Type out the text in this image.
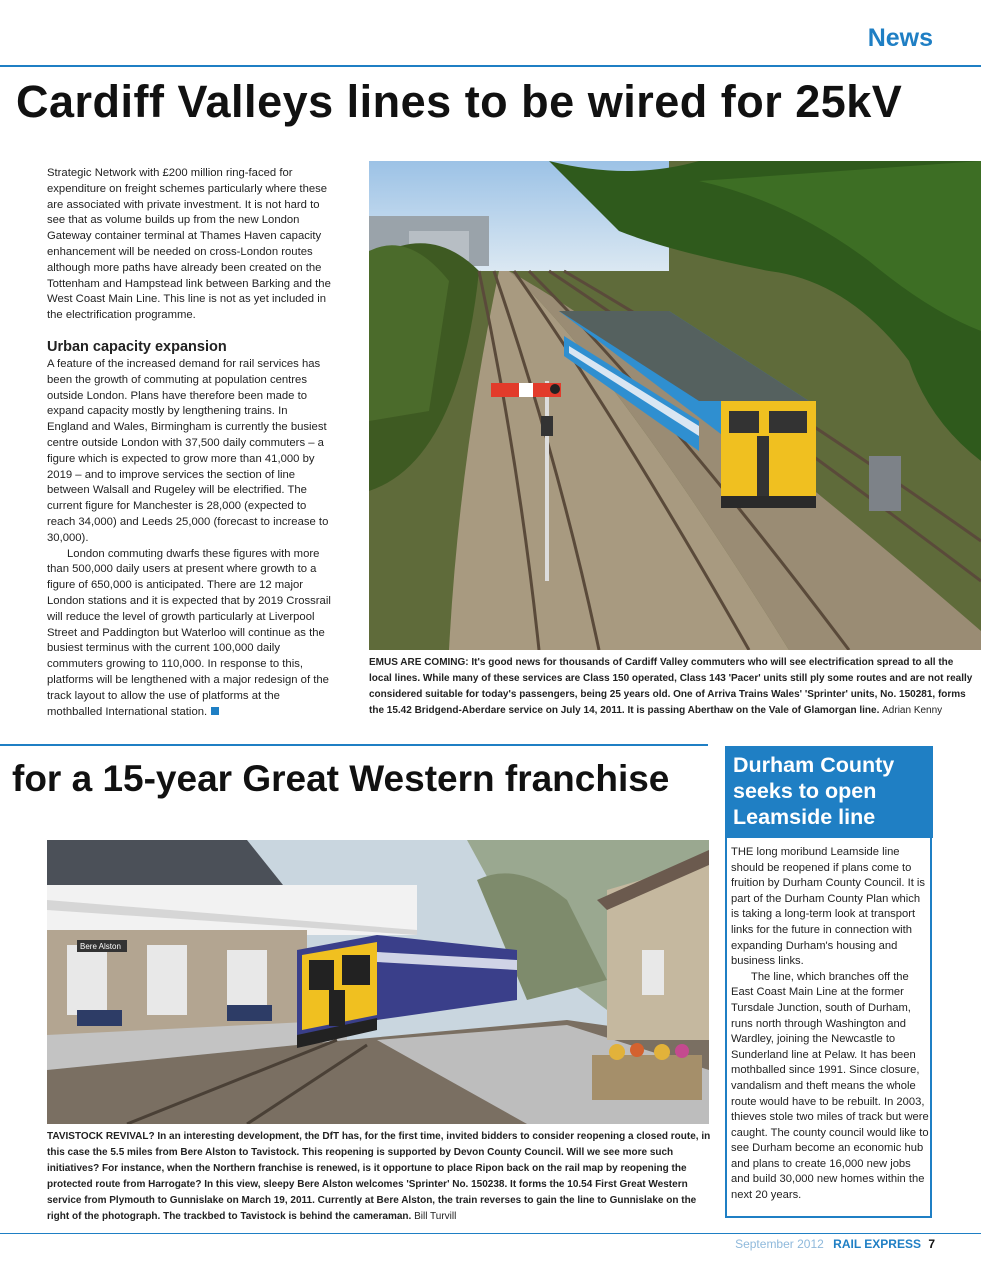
News
Cardiff Valleys lines to be wired for 25kV

Strategic Network with £200 million ring-faced for expenditure on freight schemes particularly where these are associated with private investment. It is not hard to see that as volume builds up from the new London Gateway container terminal at Thames Haven capacity enhancement will be needed on cross-London routes although more paths have already been created on the Tottenham and Hampstead link between Barking and the West Coast Main Line. This line is not as yet included in the electrification programme.

Urban capacity expansion

A feature of the increased demand for rail services has been the growth of commuting at population centres outside London. Plans have therefore been made to expand capacity mostly by lengthening trains. In England and Wales, Birmingham is currently the busiest centre outside London with 37,500 daily commuters – a figure which is expected to grow more than 41,000 by 2019 – and to improve services the section of line between Walsall and Rugeley will be electrified. The current figure for Manchester is 28,000 (expected to reach 34,000) and Leeds 25,000 (forecast to increase to 30,000).

London commuting dwarfs these figures with more than 500,000 daily users at present where growth to a figure of 650,000 is anticipated. There are 12 major London stations and it is expected that by 2019 Crossrail will reduce the level of growth particularly at Liverpool Street and Paddington but Waterloo will continue as the busiest terminus with the current 100,000 daily commuters growing to 110,000. In response to this, platforms will be lengthened with a major redesign of the track layout to allow the use of platforms at the mothballed International station.

EMUS ARE COMING: It's good news for thousands of Cardiff Valley commuters who will see electrification spread to all the local lines. While many of these services are Class 150 operated, Class 143 'Pacer' units still ply some routes and are not really considered suitable for today's passengers, being 25 years old. One of Arriva Trains Wales' 'Sprinter' units, No. 150281, forms the 15.42 Bridgend-Aberdare service on July 14, 2011. It is passing Aberthaw on the Vale of Glamorgan line. Adrian Kenny
for a 15-year Great Western franchise
Bere Alston
TAVISTOCK REVIVAL? In an interesting development, the DfT has, for the first time, invited bidders to consider reopening a closed route, in this case the 5.5 miles from Bere Alston to Tavistock. This reopening is supported by Devon County Council. Will we see more such initiatives? For instance, when the Northern franchise is renewed, is it opportune to place Ripon back on the rail map by reopening the protected route from Harrogate? In this view, sleepy Bere Alston welcomes 'Sprinter' No. 150238. It forms the 10.54 First Great Western service from Plymouth to Gunnislake on March 19, 2011. Currently at Bere Alston, the train reverses to gain the line to Gunnislake on the right of the photograph. The trackbed to Tavistock is behind the cameraman. Bill Turvill
Durham County seeks to open Leamside line

THE long moribund Leamside line should be reopened if plans come to fruition by Durham County Council. It is part of the Durham County Plan which is taking a long-term look at transport links for the future in connection with expanding Durham's housing and business links.

The line, which branches off the East Coast Main Line at the former Tursdale Junction, south of Durham, runs north through Washington and Wardley, joining the Newcastle to Sunderland line at Pelaw. It has been mothballed since 1991. Since closure, vandalism and theft means the whole route would have to be rebuilt. In 2003, thieves stole two miles of track but were caught. The county council would like to see Durham become an economic hub and plans to create 16,000 new jobs and build 30,000 new homes within the next 20 years.

September 2012 RAIL EXPRESS 7
